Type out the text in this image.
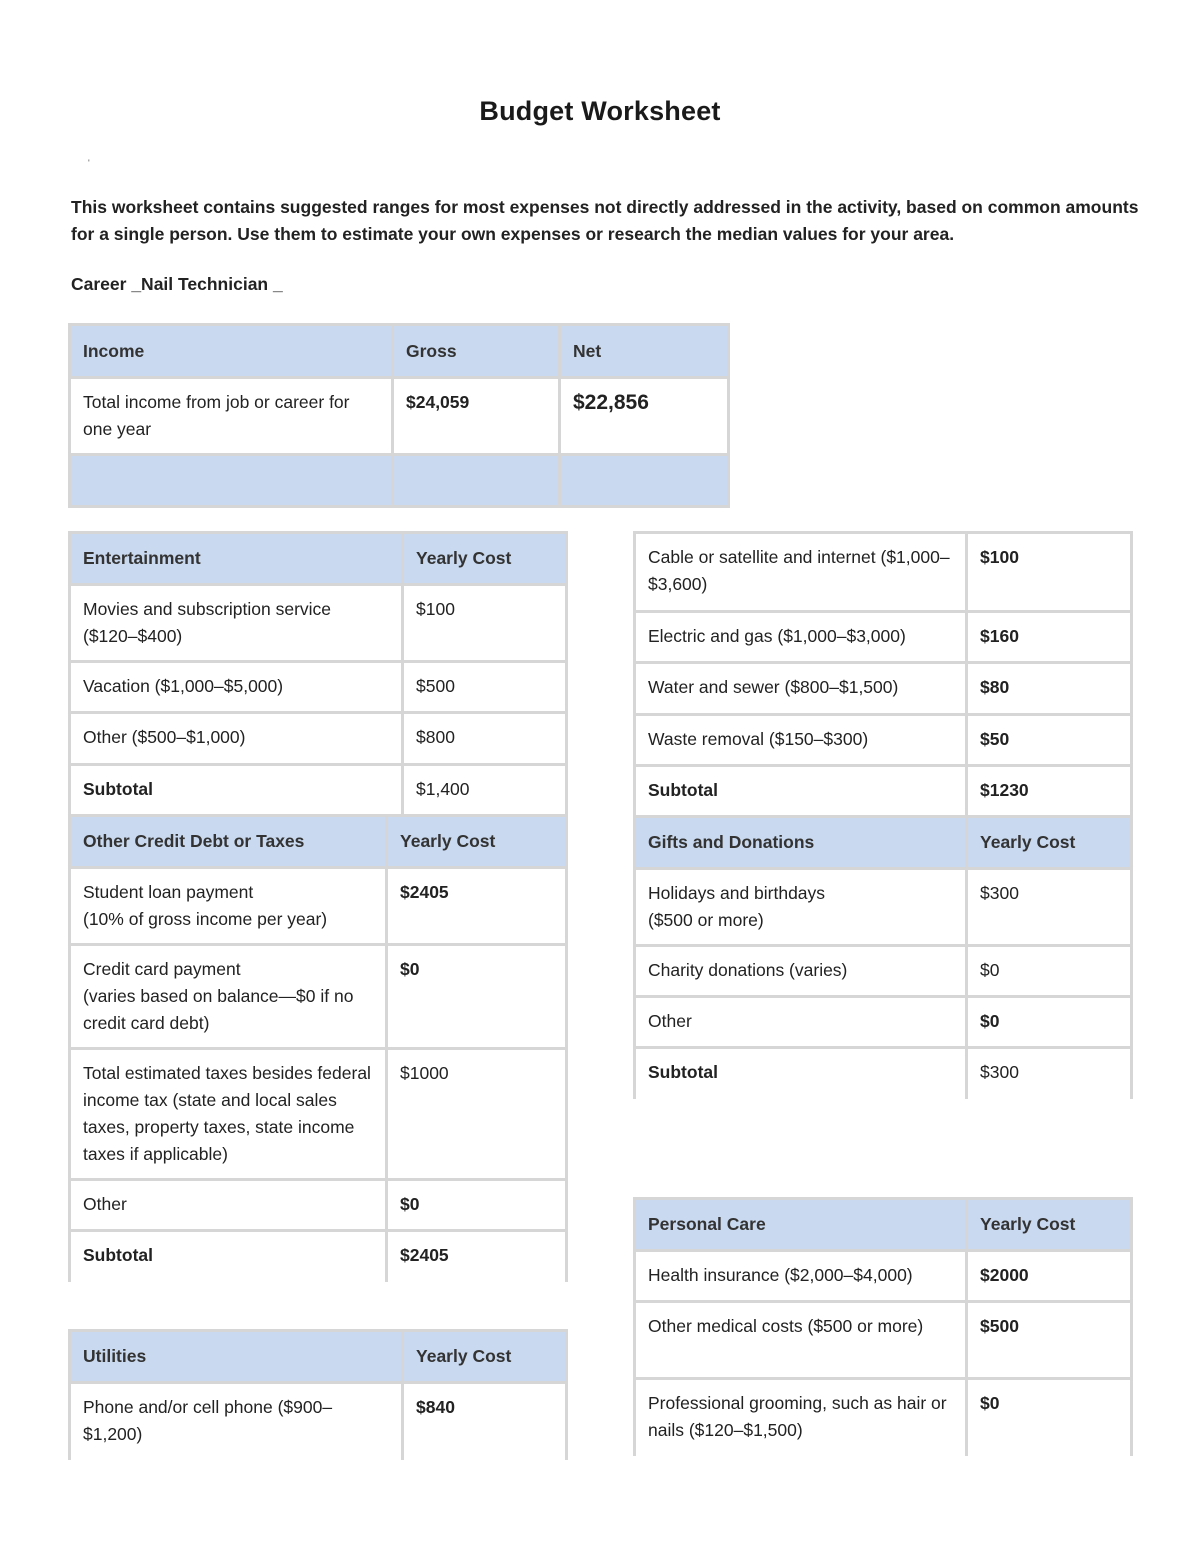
Budget Worksheet
'
This worksheet contains suggested ranges for most expenses not directly addressed in the activity, based on common amounts for a single person. Use them to estimate your own expenses or research the median values for your area.
Career _Nail Technician _
Income	Gross	Net
Total income from job or career for one year	$24,059	$22,856

Entertainment	Yearly Cost
Movies and subscription service ($120–$400)	$100
Vacation ($1,000–$5,000)	$500
Other ($500–$1,000)	$800
Subtotal	$1,400
Other Credit Debt or Taxes	Yearly Cost

Student loan payment
(10% of gross income per year)	$2405

Credit card payment
(varies based on balance—$0 if no credit card debt)	$0
Total estimated taxes besides federal income tax (state and local sales taxes, property taxes, state income taxes if applicable)	$1000
Other	$0
Subtotal	$2405
Utilities	Yearly Cost
Phone and/or cell phone ($900–$1,200)	$840
Cable or satellite and internet ($1,000–$3,600)	$100
Electric and gas ($1,000–$3,000)	$160
Water and sewer ($800–$1,500)	$80
Waste removal ($150–$300)	$50
Subtotal	$1230
Gifts and Donations	Yearly Cost

Holidays and birthdays
($500 or more)	$300
Charity donations (varies)	$0
Other	$0
Subtotal	$300
Personal Care	Yearly Cost
Health insurance ($2,000–$4,000)	$2000
Other medical costs ($500 or more)	$500
Professional grooming, such as hair or nails ($120–$1,500)	$0
